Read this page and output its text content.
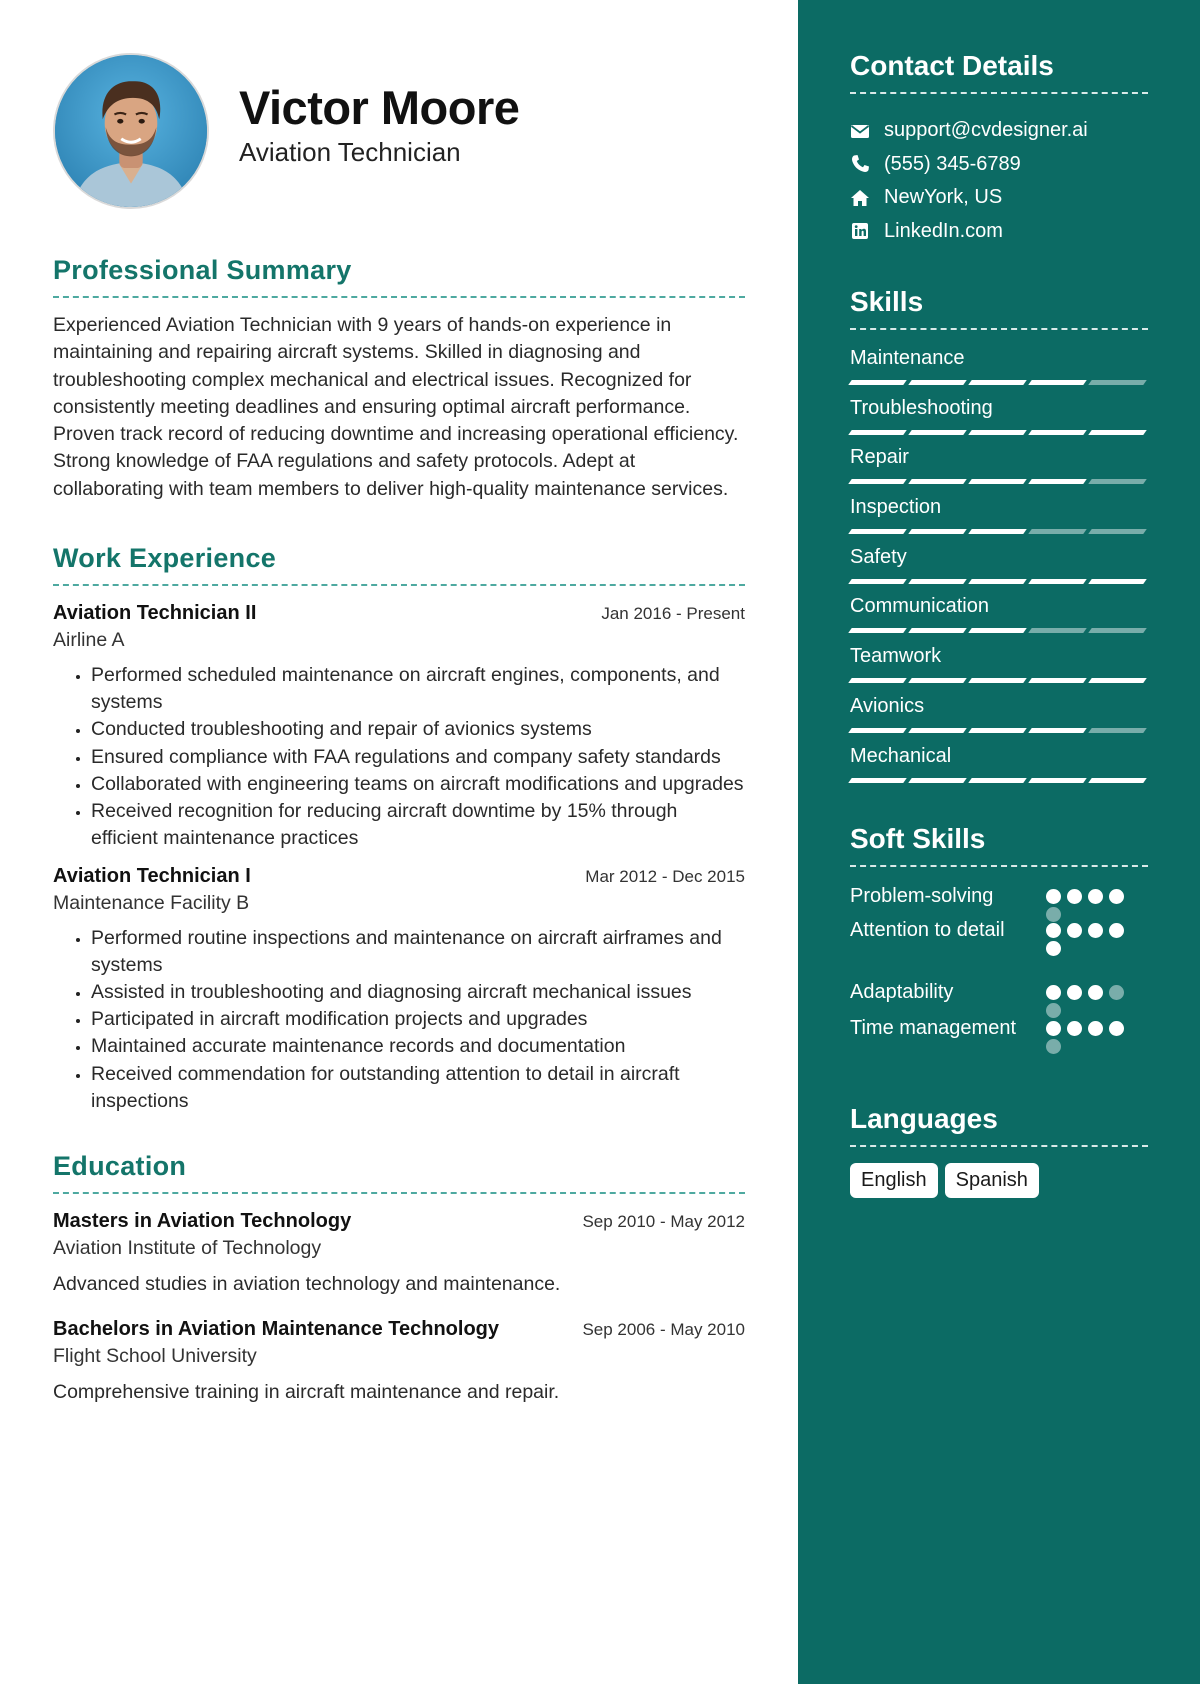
Victor Moore
Aviation Technician
Professional Summary

Experienced Aviation Technician with 9 years of hands-on experience in maintaining and repairing aircraft systems. Skilled in diagnosing and troubleshooting complex mechanical and electrical issues. Recognized for consistently meeting deadlines and ensuring optimal aircraft performance. Proven track record of reducing downtime and increasing operational efficiency. Strong knowledge of FAA regulations and safety protocols. Adept at collaborating with team members to deliver high-quality maintenance services.

Work Experience
Aviation Technician II	Jan 2016 - Present
Airline A
• Performed scheduled maintenance on aircraft engines, components, and systems
• Conducted troubleshooting and repair of avionics systems
• Ensured compliance with FAA regulations and company safety standards
• Collaborated with engineering teams on aircraft modifications and upgrades
• Received recognition for reducing aircraft downtime by 15% through efficient maintenance practices
Aviation Technician I	Mar 2012 - Dec 2015
Maintenance Facility B
• Performed routine inspections and maintenance on aircraft airframes and systems
• Assisted in troubleshooting and diagnosing aircraft mechanical issues
• Participated in aircraft modification projects and upgrades
• Maintained accurate maintenance records and documentation
• Received commendation for outstanding attention to detail in aircraft inspections
Education
Masters in Aviation Technology	Sep 2010 - May 2012
Aviation Institute of Technology
Advanced studies in aviation technology and maintenance.
Bachelors in Aviation Maintenance Technology	Sep 2006 - May 2010
Flight School University
Comprehensive training in aircraft maintenance and repair.
Contact Details
support@cvdesigner.ai
(555) 345-6789
NewYork, US
LinkedIn.com
Skills
Maintenance
Troubleshooting
Repair
Inspection
Safety
Communication
Teamwork
Avionics
Mechanical
Soft Skills
Problem-solving
Attention to detail
Adaptability
Time management
Languages
English	Spanish
